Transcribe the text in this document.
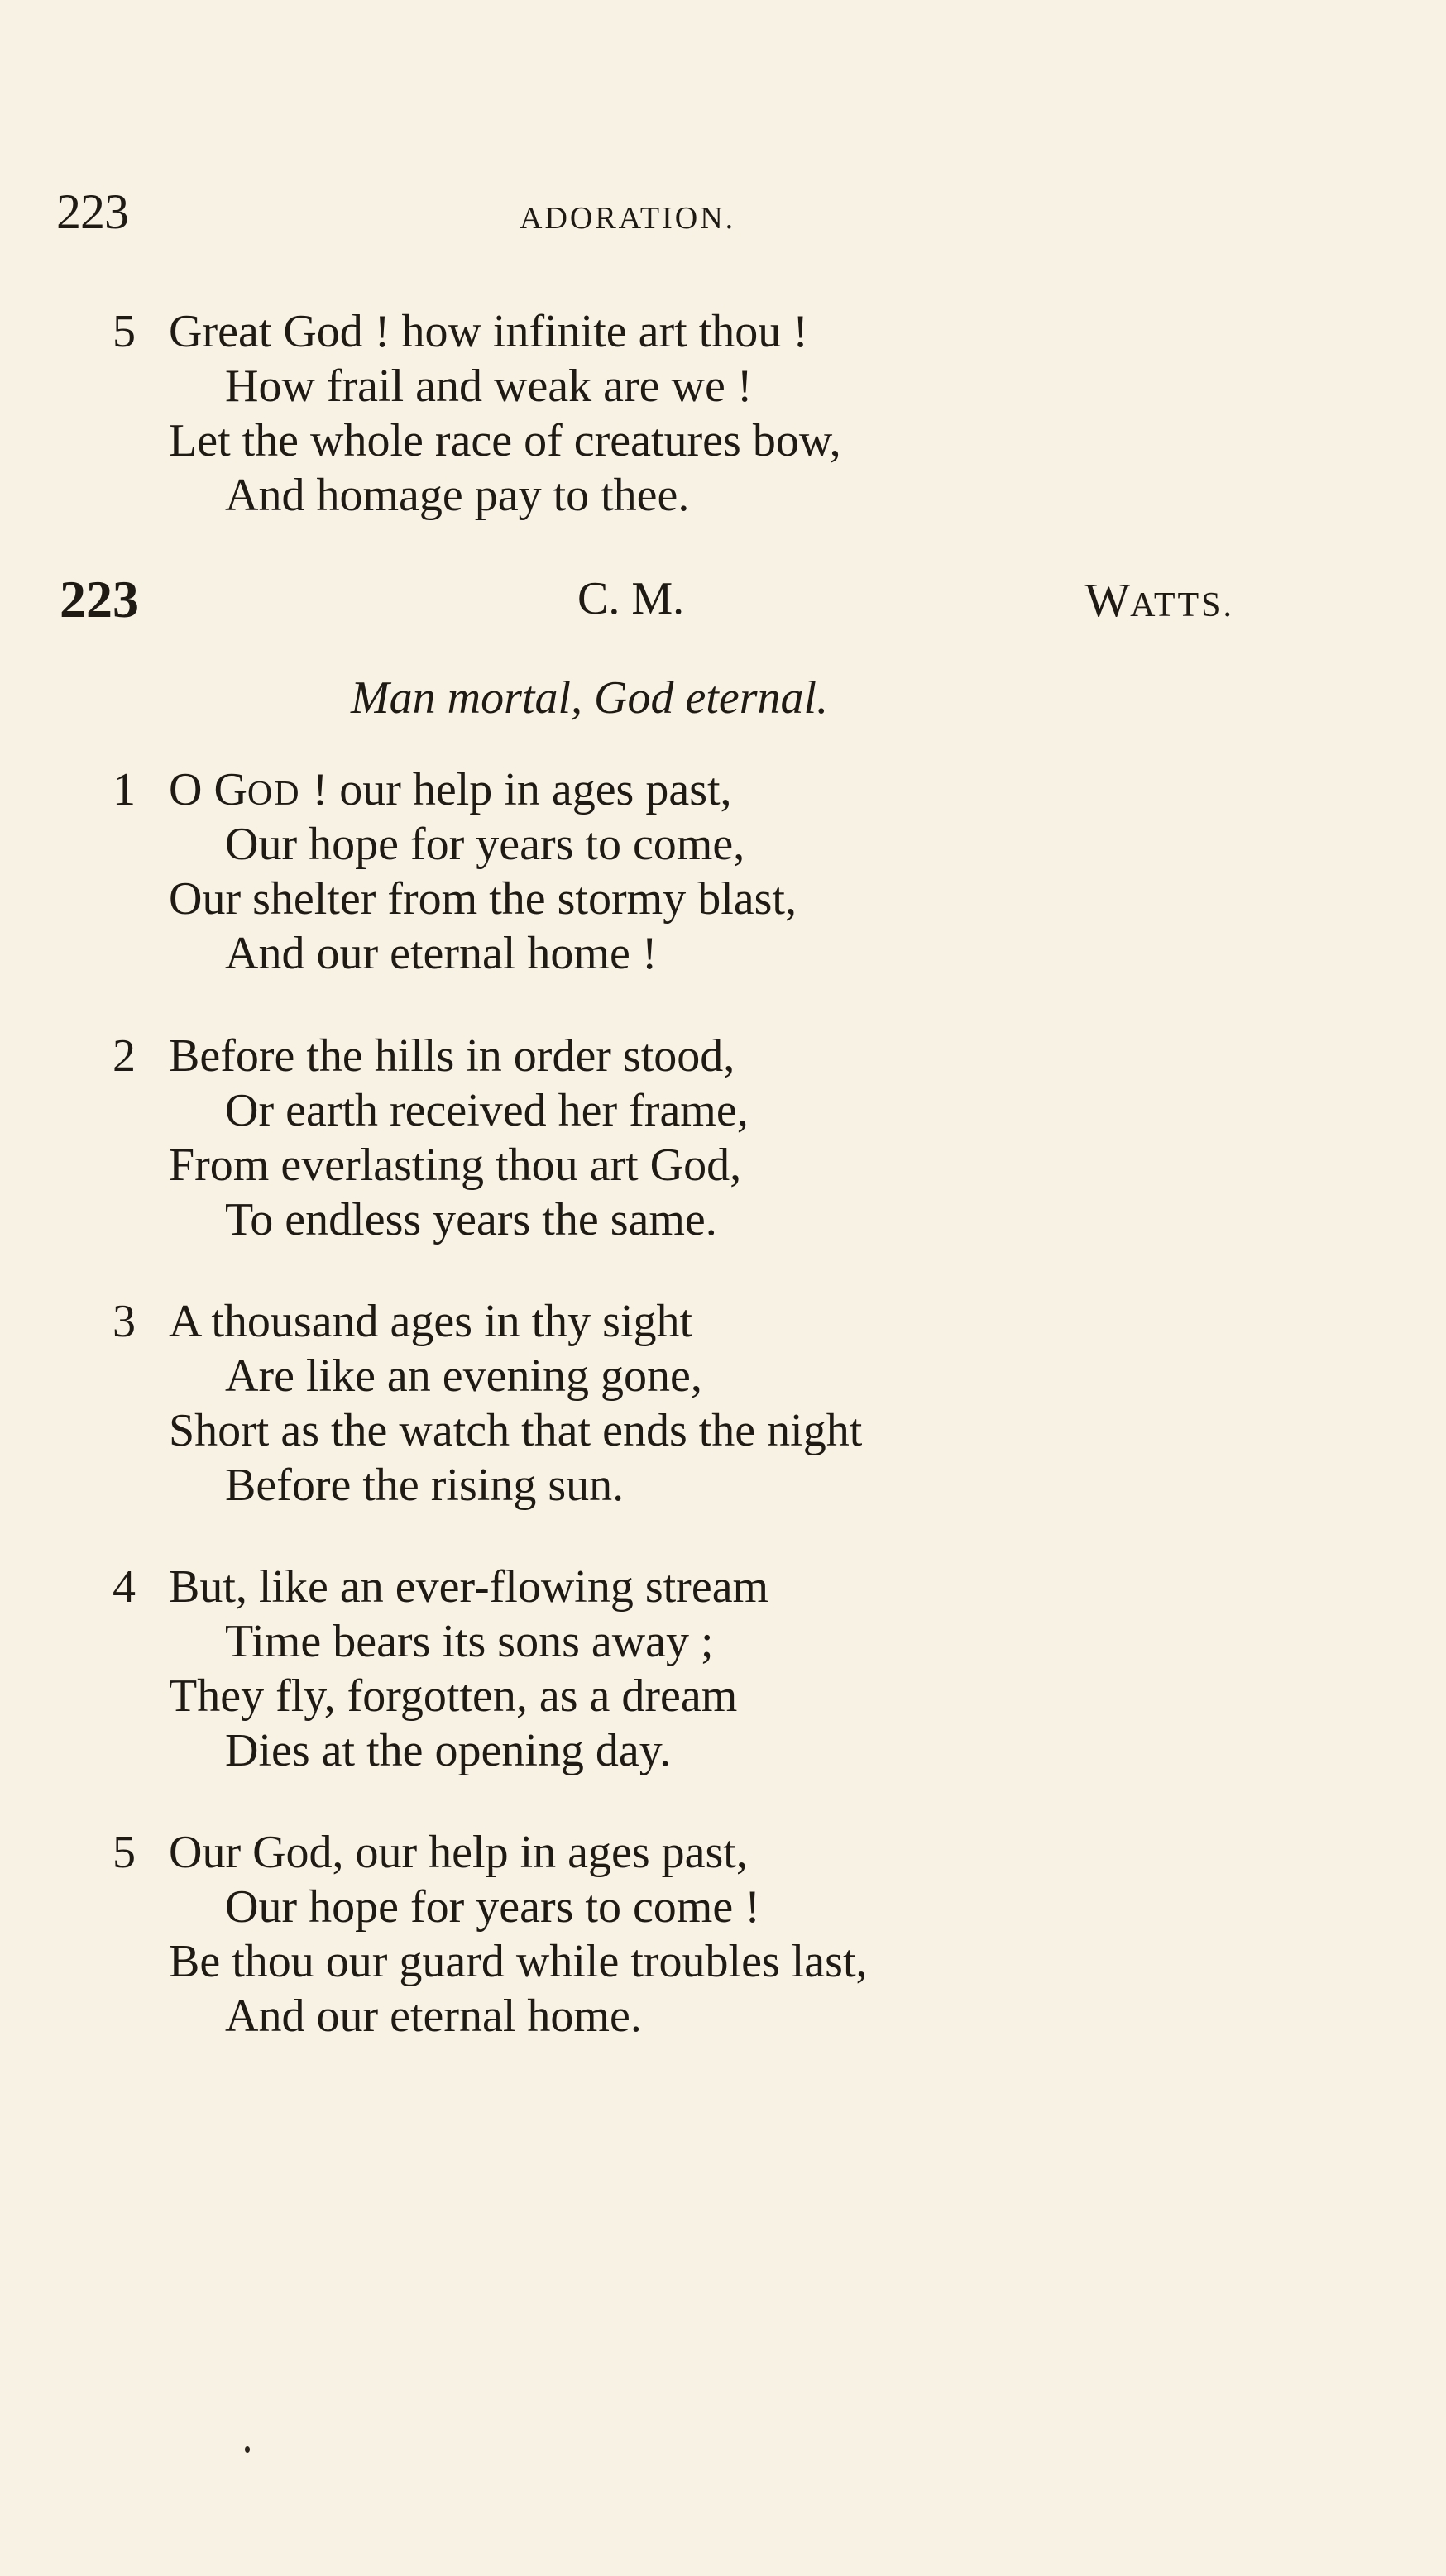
223	ADORATION.
5 Great God ! how infinite art thou !
How frail and weak are we !
Let the whole race of creatures bow,
And homage pay to thee.
223	C. M.	WATTS.
Man mortal, God eternal.
1 O GOD ! our help in ages past,
Our hope for years to come,
Our shelter from the stormy blast,
And our eternal home !
2 Before the hills in order stood,
Or earth received her frame,
From everlasting thou art God,
To endless years the same.
3 A thousand ages in thy sight
Are like an evening gone,
Short as the watch that ends the night
Before the rising sun.
4 But, like an ever-flowing stream
Time bears its sons away ;
They fly, forgotten, as a dream
Dies at the opening day.
5 Our God, our help in ages past,
Our hope for years to come !
Be thou our guard while troubles last,
And our eternal home.
